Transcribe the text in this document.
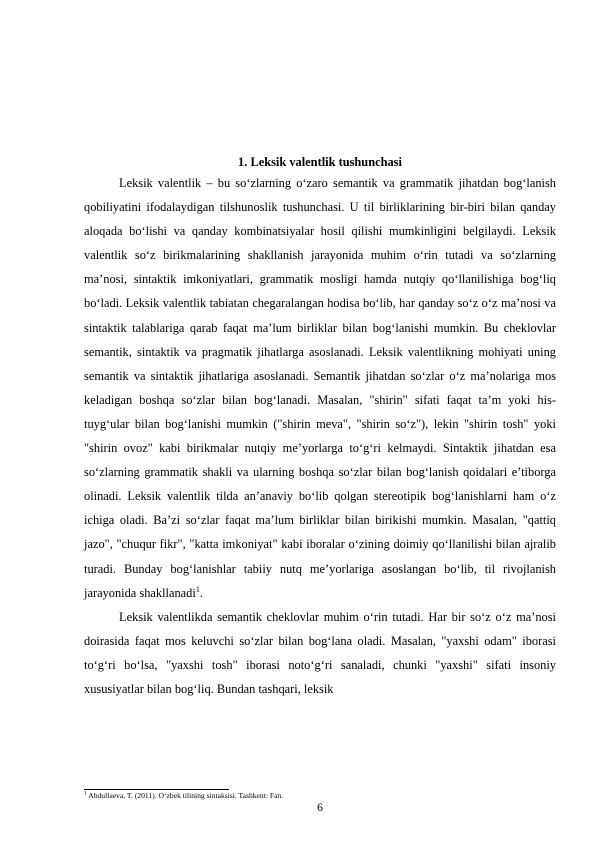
1. Leksik valentlik tushunchasi

Leksik valentlik – bu so‘zlarning o‘zaro semantik va grammatik jihatdan bog‘lanish qobiliyatini ifodalaydigan tilshunoslik tushunchasi. U til birliklarining bir-biri bilan qanday aloqada bo‘lishi va qanday kombinatsiyalar hosil qilishi mumkinligini belgilaydi. Leksik valentlik so‘z birikmalarining shakllanish jarayonida muhim o‘rin tutadi va so‘zlarning ma’nosi, sintaktik imkoniyatlari, grammatik mosligi hamda nutqiy qo‘llanilishiga bog‘liq bo‘ladi. Leksik valentlik tabiatan chegaralangan hodisa bo‘lib, har qanday so‘z o‘z ma’nosi va sintaktik talablariga qarab faqat ma’lum birliklar bilan bog‘lanishi mumkin. Bu cheklovlar semantik, sintaktik va pragmatik jihatlarga asoslanadi. Leksik valentlikning mohiyati uning semantik va sintaktik jihatlariga asoslanadi. Semantik jihatdan so‘zlar o‘z ma’nolariga mos keladigan boshqa so‘zlar bilan bog‘lanadi. Masalan, "shirin" sifati faqat ta’m yoki his-tuyg‘ular bilan bog‘lanishi mumkin ("shirin meva", "shirin so‘z"), lekin "shirin tosh" yoki "shirin ovoz" kabi birikmalar nutqiy me’yorlarga to‘g‘ri kelmaydi. Sintaktik jihatdan esa so‘zlarning grammatik shakli va ularning boshqa so‘zlar bilan bog‘lanish qoidalari e’tiborga olinadi. Leksik valentlik tilda an’anaviy bo‘lib qolgan stereotipik bog‘lanishlarni ham o‘z ichiga oladi. Ba’zi so‘zlar faqat ma’lum birliklar bilan birikishi mumkin. Masalan, "qattiq jazo", "chuqur fikr", "katta imkoniyat" kabi iboralar o‘zining doimiy qo‘llanilishi bilan ajralib turadi. Bunday bog‘lanishlar tabiiy nutq me’yorlariga asoslangan bo‘lib, til rivojlanish jarayonida shakllanadi$^1$.

Leksik valentlikda semantik cheklovlar muhim o‘rin tutadi. Har bir so‘z o‘z ma’nosi doirasida faqat mos keluvchi so‘zlar bilan bog‘lana oladi. Masalan, "yaxshi odam" iborasi to‘g‘ri bo‘lsa, "yaxshi tosh" iborasi noto‘g‘ri sanaladi, chunki "yaxshi" sifati insoniy xususiyatlar bilan bog‘liq. Bundan tashqari, leksik

$^1$ Abdullaeva, T. (2011). O‘zbek tilining sintaksisi. Tashkent: Fan.

6
